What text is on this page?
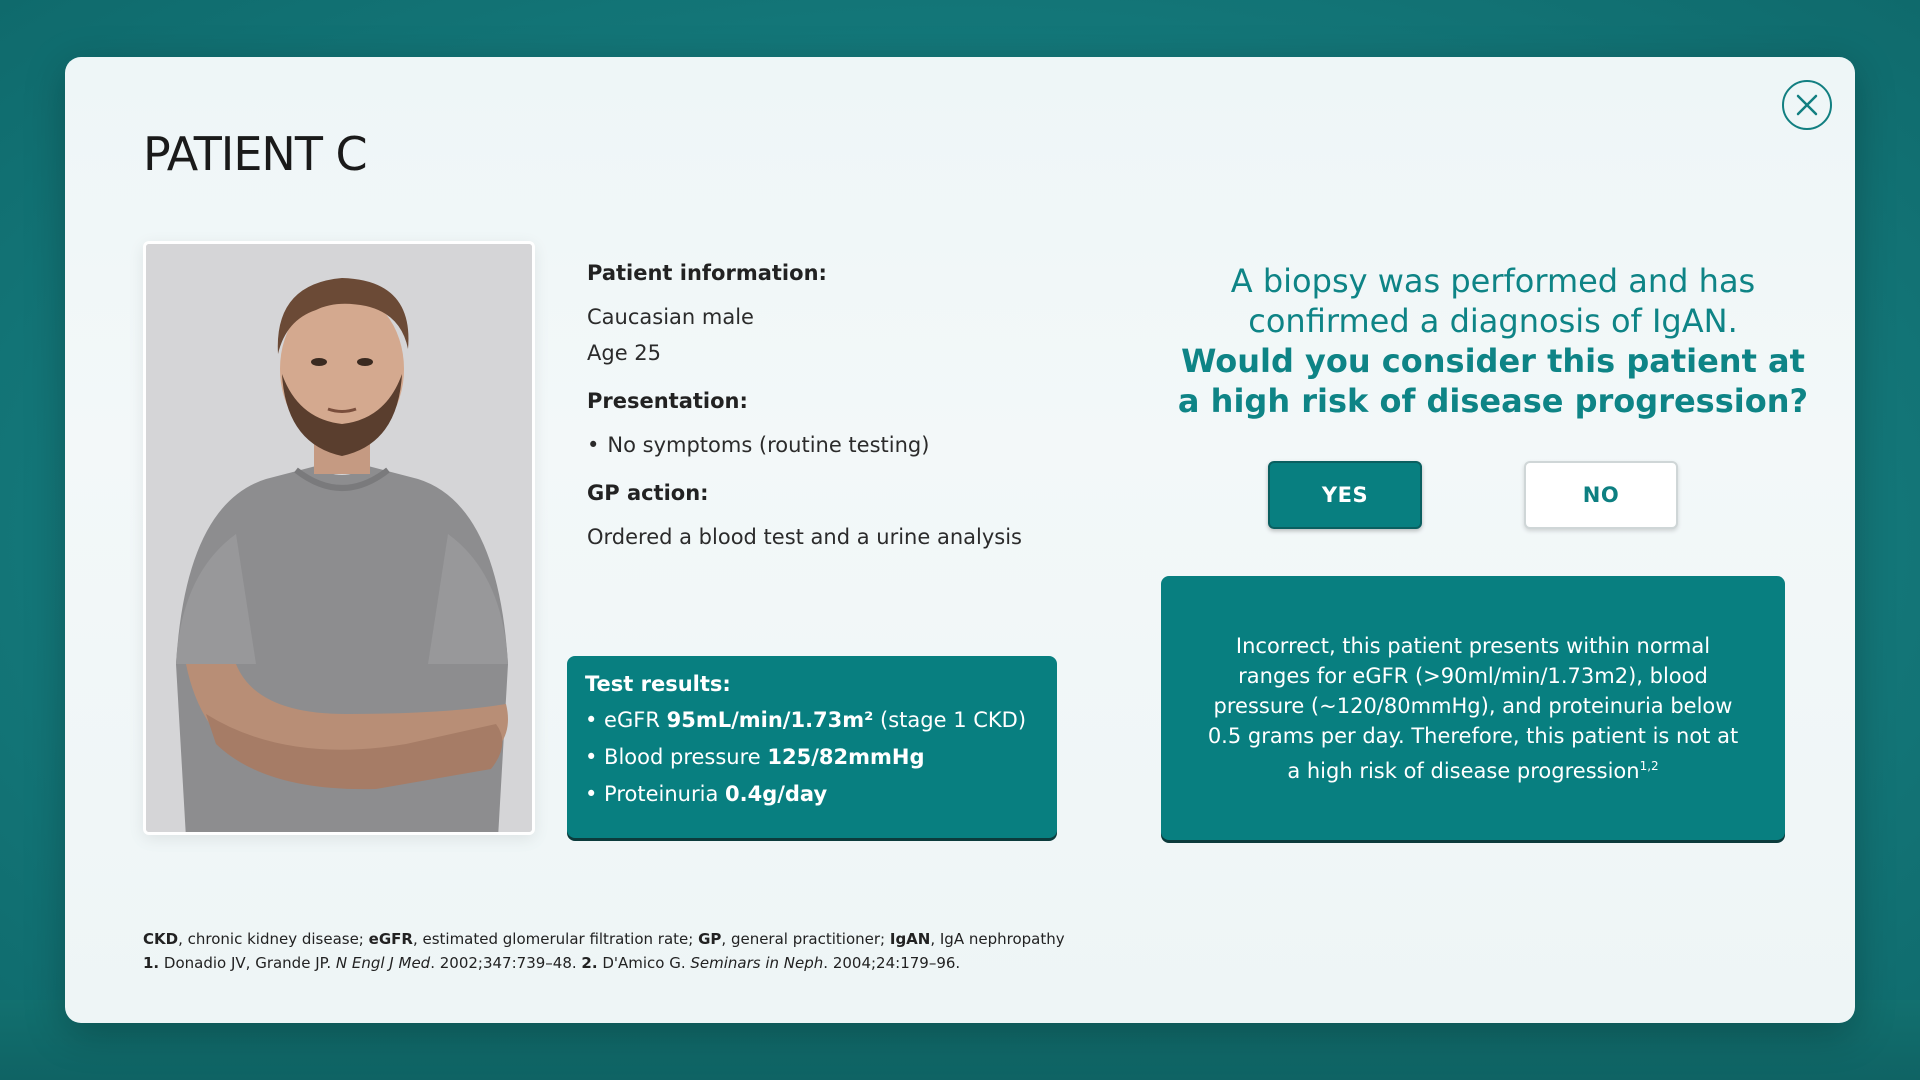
PATIENT C
Patient information:

Caucasian male

Age 25

Presentation:

• No symptoms (routine testing)

GP action:

Ordered a blood test and a urine analysis

Test results:
• eGFR 95mL/min/1.73m² (stage 1 CKD)
• Blood pressure 125/82mmHg
• Proteinuria 0.4g/day
A biopsy was performed and has confirmed a diagnosis of IgAN.
Would you consider this patient at a high risk of disease progression?
YES	NO
Incorrect, this patient presents within normal ranges for eGFR (>90ml/min/1.73m2), blood pressure (~120/80mmHg), and proteinuria below 0.5 grams per day. Therefore, this patient is not at a high risk of disease progression$^{1,2}$
CKD, chronic kidney disease; eGFR, estimated glomerular filtration rate; GP, general practitioner; IgAN, IgA nephropathy
1. Donadio JV, Grande JP. N Engl J Med. 2002;347:739–48. 2. D'Amico G. Seminars in Neph. 2004;24:179–96.
